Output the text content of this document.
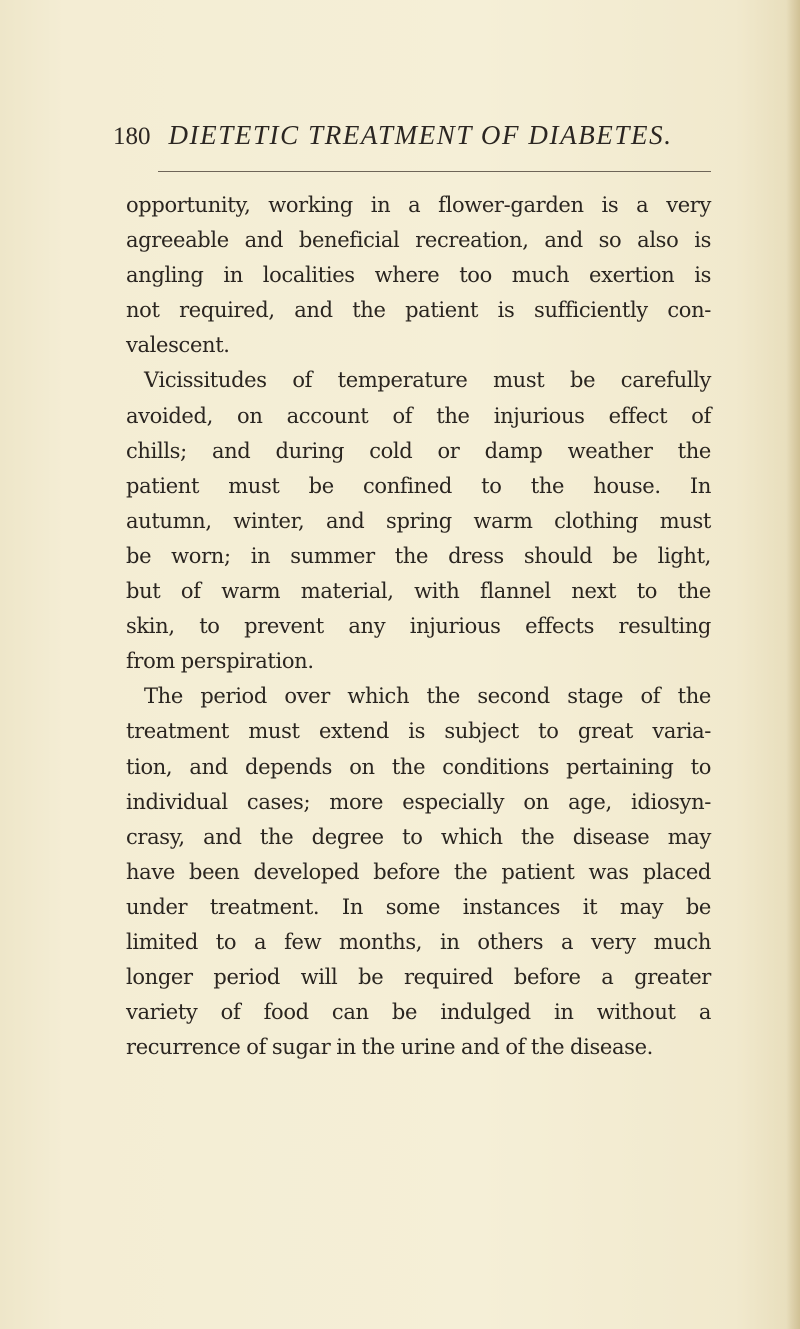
180 DIETETIC TREATMENT OF DIABETES.
opportunity, working in a flower-garden is a very
agreeable and beneficial recreation, and so also is
angling in localities where too much exertion is
not required, and the patient is sufficiently con-
valescent.
Vicissitudes of temperature must be carefully
avoided, on account of the injurious effect of
chills; and during cold or damp weather the
patient must be confined to the house. In
autumn, winter, and spring warm clothing must
be worn; in summer the dress should be light,
but of warm material, with flannel next to the
skin, to prevent any injurious effects resulting
from perspiration.
The period over which the second stage of the
treatment must extend is subject to great varia-
tion, and depends on the conditions pertaining to
individual cases; more especially on age, idiosyn-
crasy, and the degree to which the disease may
have been developed before the patient was placed
under treatment. In some instances it may be
limited to a few months, in others a very much
longer period will be required before a greater
variety of food can be indulged in without a
recurrence of sugar in the urine and of the disease.
